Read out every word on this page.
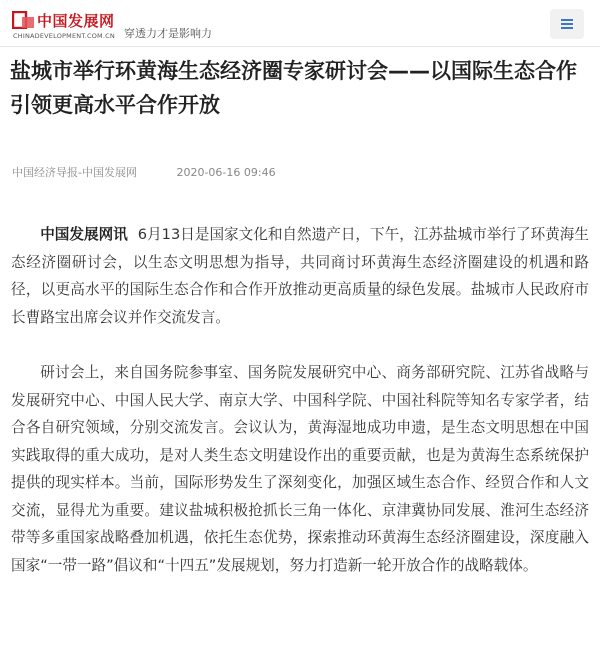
中国发展网
CHINADEVELOPMENT.COM.CN 穿透力才是影响力
盐城市举行环黄海生态经济圈专家研讨会——以国际生态合作引领更高水平合作开放
中国经济导报-中国发展网	2020-06-16 09:46

中国发展网讯 6月13日是国家文化和自然遗产日，下午，江苏盐城市举行了环黄海生态经济圈研讨会，以生态文明思想为指导，共同商讨环黄海生态经济圈建设的机遇和路径，以更高水平的国际生态合作和合作开放推动更高质量的绿色发展。盐城市人民政府市长曹路宝出席会议并作交流发言。

研讨会上，来自国务院参事室、国务院发展研究中心、商务部研究院、江苏省战略与发展研究中心、中国人民大学、南京大学、中国科学院、中国社科院等知名专家学者，结合各自研究领域，分别交流发言。会议认为，黄海湿地成功申遗，是生态文明思想在中国实践取得的重大成功，是对人类生态文明建设作出的重要贡献，也是为黄海生态系统保护提供的现实样本。当前，国际形势发生了深刻变化，加强区域生态合作、经贸合作和人文交流，显得尤为重要。建议盐城积极抢抓长三角一体化、京津冀协同发展、淮河生态经济带等多重国家战略叠加机遇，依托生态优势，探索推动环黄海生态经济圈建设，深度融入国家“一带一路”倡议和“十四五”发展规划，努力打造新一轮开放合作的战略载体。
